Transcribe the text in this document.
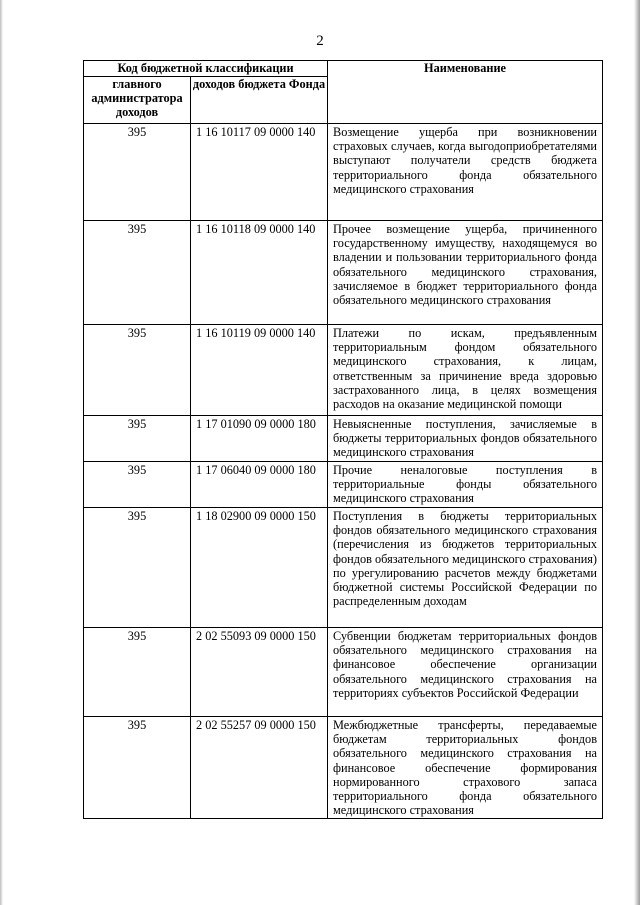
2
Код бюджетной классификации		Наименование
главного администратора доходов	доходов бюджета Фонда	
395	1 16 10117 09 0000 140	Возмещение ущерба при возникновении страховых случаев, когда выгодоприобретателями выступают получатели средств бюджета территориального фонда обязательного медицинского страхования
395	1 16 10118 09 0000 140	Прочее возмещение ущерба, причиненного государственному имуществу, находящемуся во владении и пользовании территориального фонда обязательного медицинского страхования, зачисляемое в бюджет территориального фонда обязательного медицинского страхования
395	1 16 10119 09 0000 140	Платежи по искам, предъявленным территориальным фондом обязательного медицинского страхования, к лицам, ответственным за причинение вреда здоровью застрахованного лица, в целях возмещения расходов на оказание медицинской помощи
395	1 17 01090 09 0000 180	Невыясненные поступления, зачисляемые в бюджеты территориальных фондов обязательного медицинского страхования
395	1 17 06040 09 0000 180	Прочие неналоговые поступления в территориальные фонды обязательного медицинского страхования
395	1 18 02900 09 0000 150	Поступления в бюджеты территориальных фондов обязательного медицинского страхования (перечисления из бюджетов территориальных фондов обязательного медицинского страхования) по урегулированию расчетов между бюджетами бюджетной системы Российской Федерации по распределенным доходам
395	2 02 55093 09 0000 150	Субвенции бюджетам территориальных фондов обязательного медицинского страхования на финансовое обеспечение организации обязательного медицинского страхования на территориях субъектов Российской Федерации
395	2 02 55257 09 0000 150	Межбюджетные трансферты, передаваемые бюджетам территориальных фондов обязательного медицинского страхования на финансовое обеспечение формирования нормированного страхового запаса территориального фонда обязательного медицинского страхования
